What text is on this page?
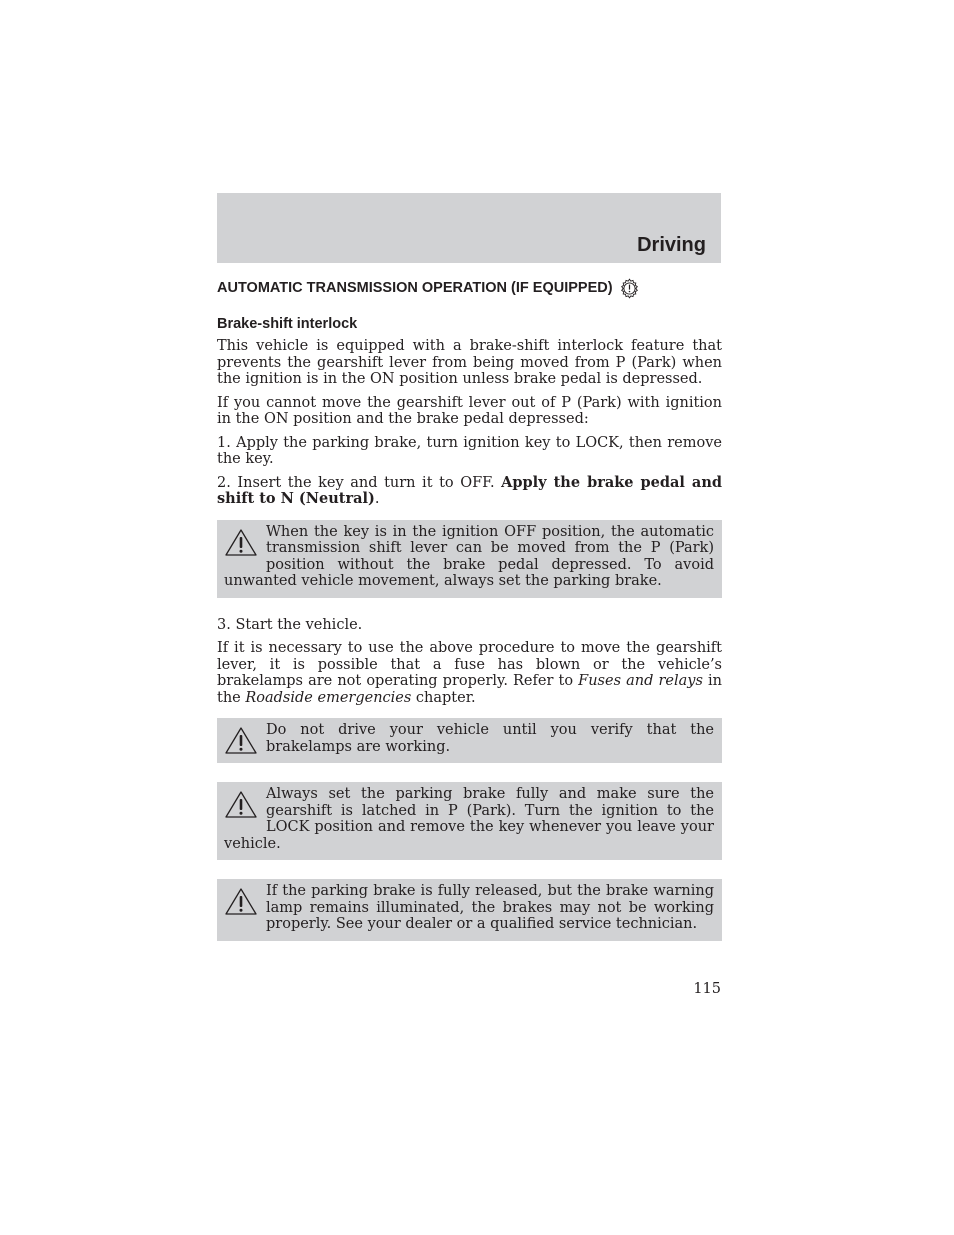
Driving
AUTOMATIC TRANSMISSION OPERATION (IF EQUIPPED)
Brake-shift interlock

This vehicle is equipped with a brake-shift interlock feature that prevents the gearshift lever from being moved from P (Park) when the ignition is in the ON position unless brake pedal is depressed.

If you cannot move the gearshift lever out of P (Park) with ignition in the ON position and the brake pedal depressed:

1. Apply the parking brake, turn ignition key to LOCK, then remove the key.

2. Insert the key and turn it to OFF. Apply the brake pedal and shift to N (Neutral).

When the key is in the ignition OFF position, the automatic transmission shift lever can be moved from the P (Park) position without the brake pedal depressed. To avoid unwanted vehicle movement, always set the parking brake.

3. Start the vehicle.

If it is necessary to use the above procedure to move the gearshift lever, it is possible that a fuse has blown or the vehicle’s brakelamps are not operating properly. Refer to Fuses and relays in the Roadside emergencies chapter.

Do not drive your vehicle until you verify that the brakelamps are working.
Always set the parking brake fully and make sure the gearshift is latched in P (Park). Turn the ignition to the LOCK position and remove the key whenever you leave your vehicle.
If the parking brake is fully released, but the brake warning lamp remains illuminated, the brakes may not be working properly. See your dealer or a qualified service technician.
115
